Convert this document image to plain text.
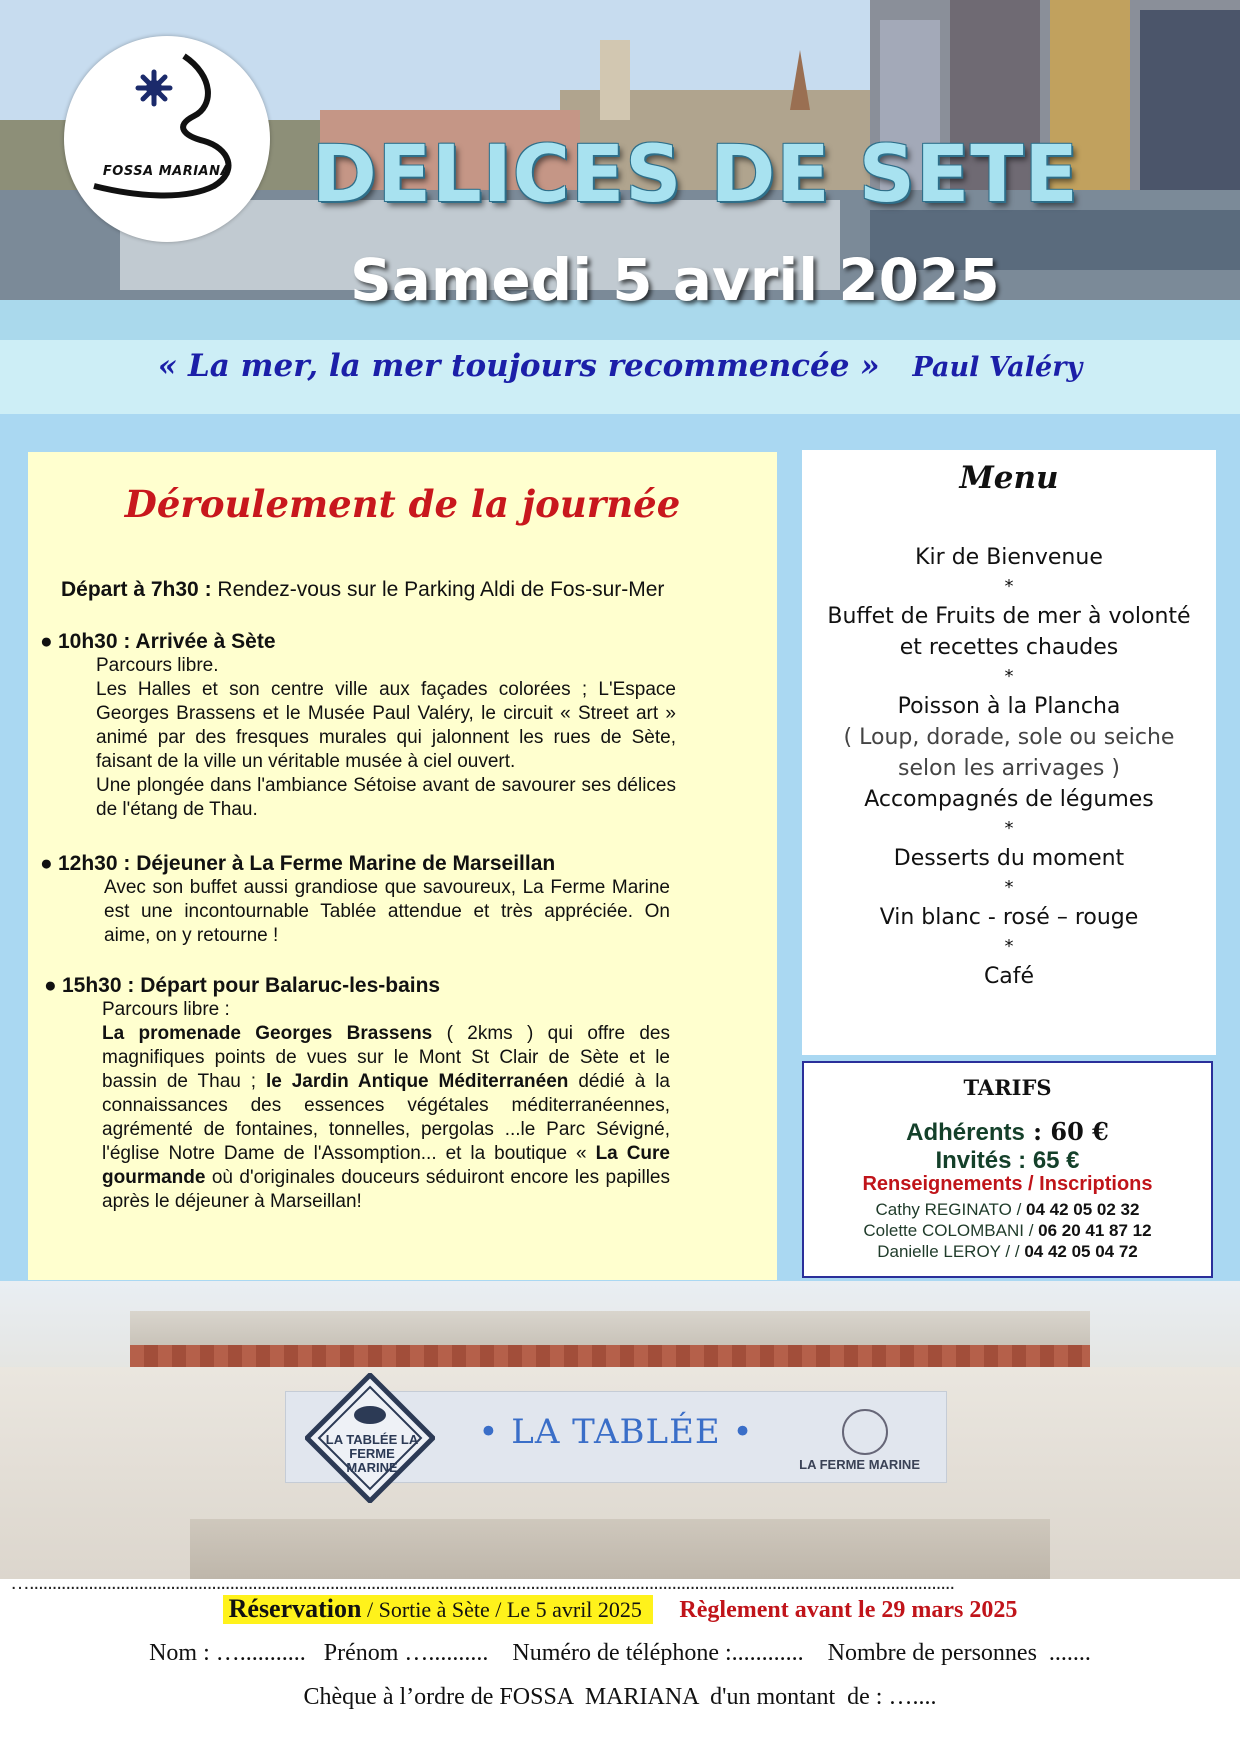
FOSSA MARIANA	DELICES DE SETE
Samedi 5 avril 2025
« La mer, la mer toujours recommencée » Paul Valéry
Déroulement de la journée
Départ à 7h30 : Rendez-vous sur le Parking Aldi de Fos-sur-Mer
● 10h30 : Arrivée à Sète
Parcours libre.
Les Halles et son centre ville aux façades colorées ; L'Espace Georges Brassens et le Musée Paul Valéry, le circuit « Street art » animé par des fresques murales qui jalonnent les rues de Sète, faisant de la ville un véritable musée à ciel ouvert.
Une plongée dans l'ambiance Sétoise avant de savourer ses délices de l'étang de Thau.
● 12h30 : Déjeuner à La Ferme Marine de Marseillan
Avec son buffet aussi grandiose que savoureux, La Ferme Marine est une incontournable Tablée attendue et très appréciée. On aime, on y retourne !
● 15h30 : Départ pour Balaruc-les-bains
Parcours libre :
La promenade Georges Brassens ( 2kms ) qui offre des magnifiques points de vues sur le Mont St Clair de Sète et le bassin de Thau ; le Jardin Antique Méditerranéen dédié à la connaissances des essences végétales méditerranéennes, agrémenté de fontaines, tonnelles, pergolas ...le Parc Sévigné, l'église Notre Dame de l'Assomption... et la boutique « La Cure gourmande où d'originales douceurs séduiront encore les papilles après le déjeuner à Marseillan!
Menu
Kir de Bienvenue
*
Buffet de Fruits de mer à volonté
et recettes chaudes
*
Poisson à la Plancha
( Loup, dorade, sole ou seiche
selon les arrivages )
Accompagnés de légumes
*
Desserts du moment
*
Vin blanc - rosé – rouge
*
Café
TARIFS
Adhérents : 60 €
Invités : 65 €
Renseignements / Inscriptions
Cathy REGINATO / 04 42 05 02 32
Colette COLOMBANI / 06 20 41 87 12
Danielle LEROY / / 04 42 05 04 72
• LA TABLÉE •
LA FERME MARINE
LA TABLÉE LA FERME MARINE
…...........................................................................................................................................................................................................
Réservation / Sortie à Sète / Le 5 avril 2025 Règlement avant le 29 mars 2025
Nom : …...........   Prénom …..........    Numéro de téléphone :............    Nombre de personnes  .......
Chèque à l’ordre de FOSSA  MARIANA  d'un montant  de : …....
